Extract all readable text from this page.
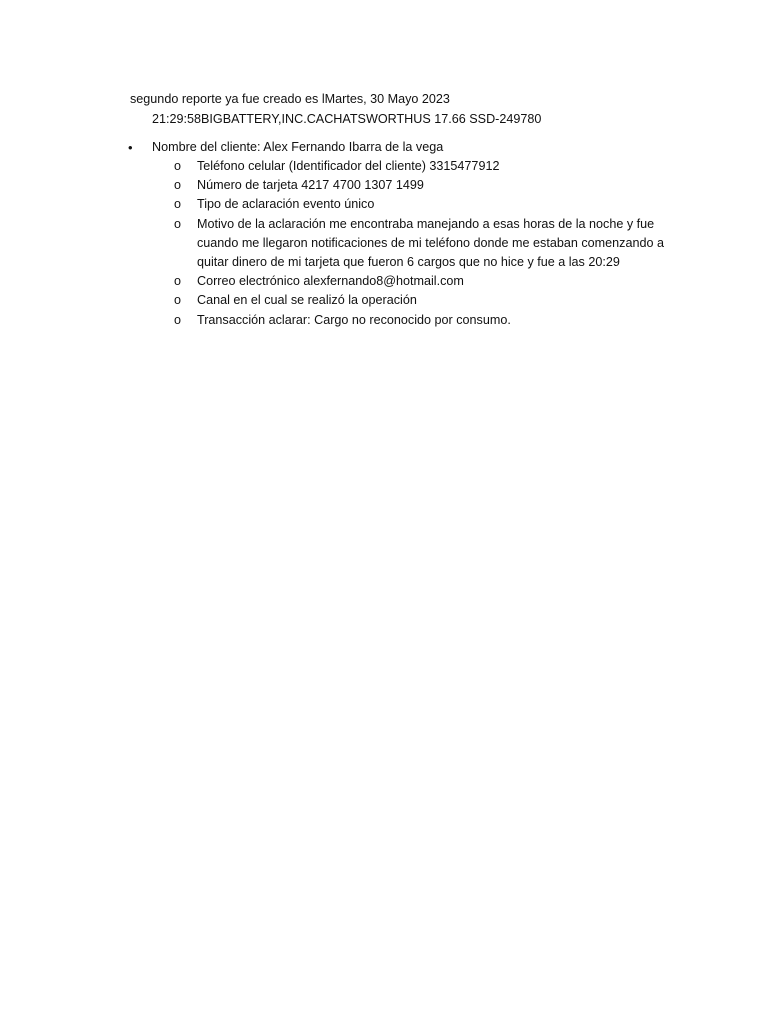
segundo reporte ya fue creado es lMartes, 30 Mayo 2023
21:29:58BIGBATTERY,INC.CACHATSWORTHUS 17.66 SSD-249780
• Nombre del cliente: Alex Fernando Ibarra de la vega
o Teléfono celular (Identificador del cliente) 3315477912
o Número de tarjeta 4217 4700 1307 1499
o Tipo de aclaración evento único
o Motivo de la aclaración me encontraba manejando a esas horas de la noche y fue cuando me llegaron notificaciones de mi teléfono donde me estaban comenzando a quitar dinero de mi tarjeta que fueron 6 cargos que no hice y fue a las 20:29
o Correo electrónico alexfernando8@hotmail.com
o Canal en el cual se realizó la operación
o Transacción aclarar: Cargo no reconocido por consumo.
